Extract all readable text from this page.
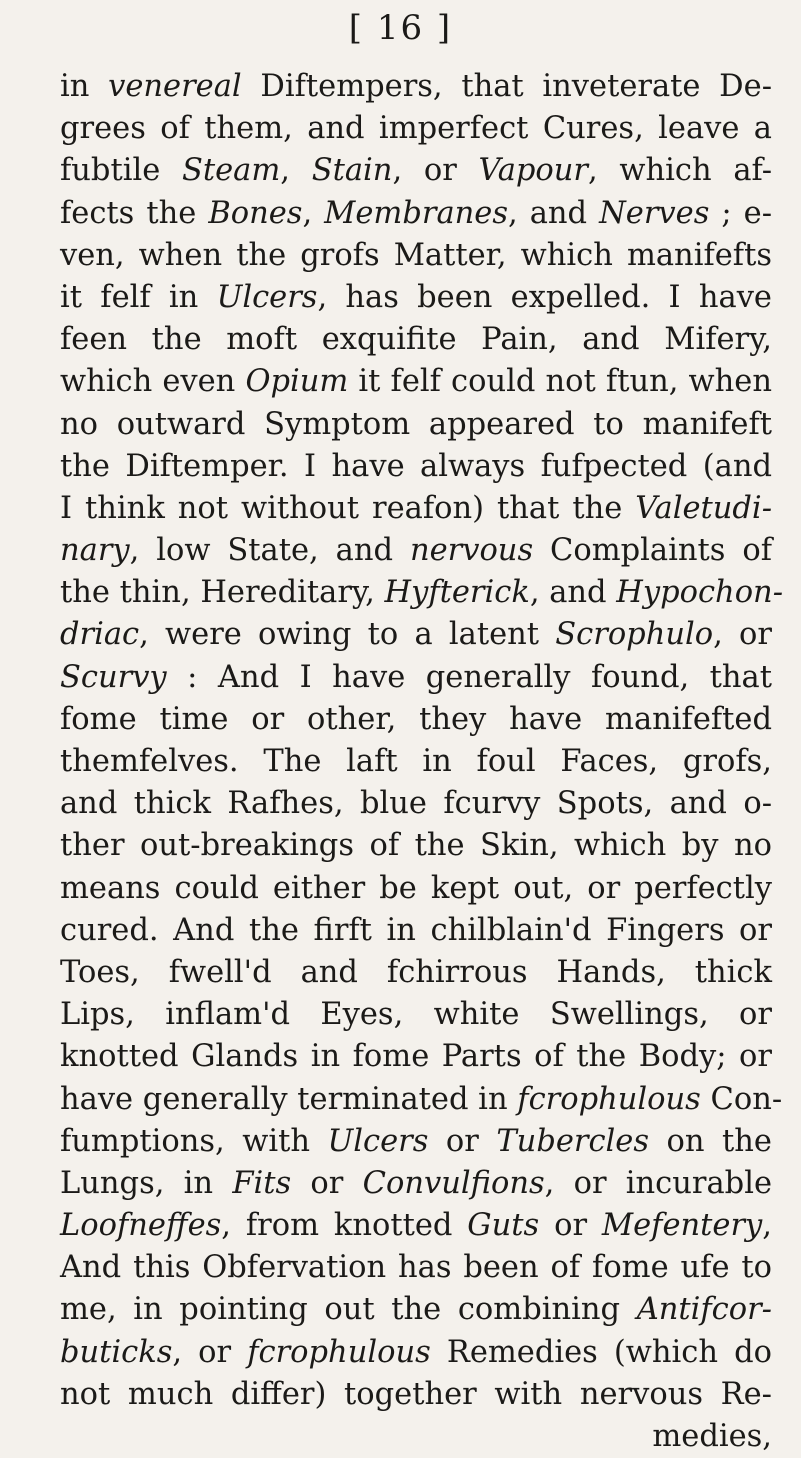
[ 16 ]
in venereal Diftempers, that inveterate De-
grees of them, and imperfect Cures, leave a
fubtile Steam, Stain, or Vapour, which af-
fects the Bones, Membranes, and Nerves ; e-
ven, when the grofs Matter, which manifefts
it felf in Ulcers, has been expelled. I have
feen the moft exquifite Pain, and Mifery,
which even Opium it felf could not ftun, when
no outward Symptom appeared to manifeft
the Diftemper. I have always fufpected (and
I think not without reafon) that the Valetudi-
nary, low State, and nervous Complaints of
the thin, Hereditary, Hyfterick, and Hypochon-
driac, were owing to a latent Scrophulo, or
Scurvy : And I have generally found, that
fome time or other, they have manifefted
themfelves. The laft in foul Faces, grofs,
and thick Rafhes, blue fcurvy Spots, and o-
ther out-breakings of the Skin, which by no
means could either be kept out, or perfectly
cured. And the firft in chilblain'd Fingers or
Toes, fwell'd and fchirrous Hands, thick
Lips, inflam'd Eyes, white Swellings, or
knotted Glands in fome Parts of the Body; or
have generally terminated in fcrophulous Con-
fumptions, with Ulcers or Tubercles on the
Lungs, in Fits or Convulfions, or incurable
Loofneffes, from knotted Guts or Mefentery,
And this Obfervation has been of fome ufe to
me, in pointing out the combining Antifcor-
buticks, or fcrophulous Remedies (which do
not much differ) together with nervous Re-
medies,
